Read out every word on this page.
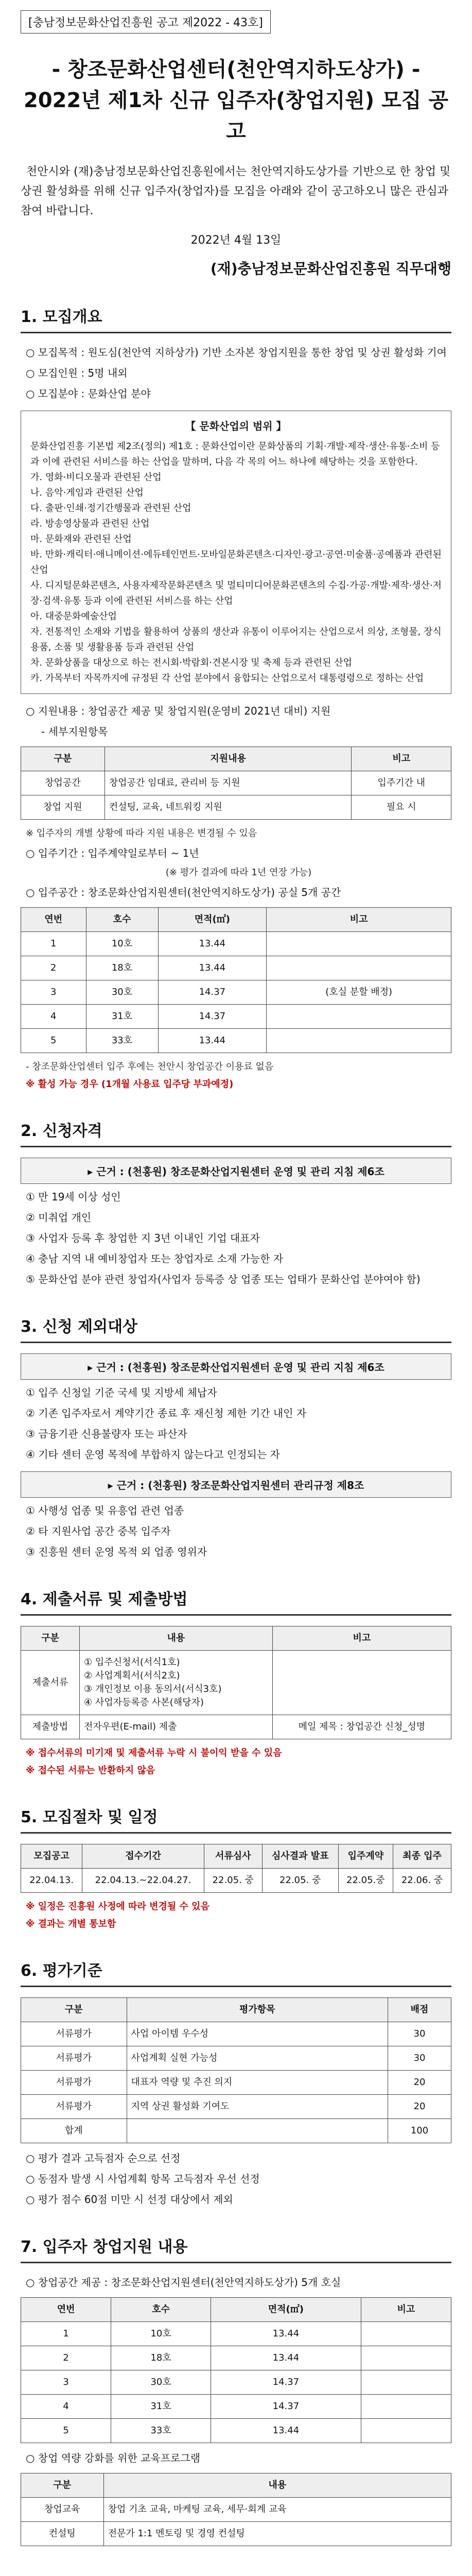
[충남정보문화산업진흥원 공고 제2022 - 43호]
- 창조문화산업센터(천안역지하도상가) -
2022년 제1차 신규 입주자(창업지원) 모집 공고
천안시와 (재)충남정보문화산업진흥원에서는 천안역지하도상가를 기반으로 한 창업 및 상권 활성화를 위해 신규 입주자(창업자)를 모집을 아래와 같이 공고하오니 많은 관심과 참여 바랍니다.
2022년 4월 13일
(재)충남정보문화산업진흥원 직무대행
1. 모집개요
○ 모집목적 : 원도심(천안역 지하상가) 기반 소자본 창업지원을 통한 창업 및 상권 활성화 기여
○ 모집인원 : 5명 내외
○ 모집분야 : 문화산업 분야
【 문화산업의 범위 】
문화산업진흥 기본법 제2조(정의) 제1호 : 문화산업이란 문화상품의 기획·개발·제작·생산·유통·소비 등과 이에 관련된 서비스를 하는 산업을 말하며, 다음 각 목의 어느 하나에 해당하는 것을 포함한다.
가. 영화·비디오물과 관련된 산업
나. 음악·게임과 관련된 산업
다. 출판·인쇄·정기간행물과 관련된 산업
라. 방송영상물과 관련된 산업
마. 문화재와 관련된 산업
바. 만화·캐릭터·애니메이션·에듀테인먼트·모바일문화콘텐츠·디자인·광고·공연·미술품·공예품과 관련된 산업
사. 디지털문화콘텐츠, 사용자제작문화콘텐츠 및 멀티미디어문화콘텐츠의 수집·가공·개발·제작·생산·저장·검색·유통 등과 이에 관련된 서비스를 하는 산업
아. 대중문화예술산업
자. 전통적인 소재와 기법을 활용하여 상품의 생산과 유통이 이루어지는 산업으로서 의상, 조형물, 장식용품, 소품 및 생활용품 등과 관련된 산업
차. 문화상품을 대상으로 하는 전시회·박람회·견본시장 및 축제 등과 관련된 산업
카. 가목부터 자목까지에 규정된 각 산업 분야에서 융합되는 산업으로서 대통령령으로 정하는 산업
○ 지원내용 : 창업공간 제공 및 창업지원(운영비 2021년 대비) 지원
- 세부지원항목
구분	지원내용	비고
창업공간	창업공간 임대료, 관리비 등 지원	입주기간 내
창업 지원	컨설팅, 교육, 네트워킹 지원	필요 시
※ 입주자의 개별 상황에 따라 지원 내용은 변경될 수 있음
○ 입주기간 : 입주계약일로부터 ~ 1년
(※ 평가 결과에 따라 1년 연장 가능)
○ 입주공간 : 창조문화산업지원센터(천안역지하도상가) 공실 5개 공간
연번	호수	면적(㎡)	비고
1	10호	13.44	
2	18호	13.44	
3	30호	14.37	(호실 분할 배정)
4	31호	14.37	
5	33호	13.44	
- 창조문화산업센터 입주 후에는 천안시 창업공간 이용료 없음
※ 활성 가능 경우 (1개월 사용료 입주당 부과예정)
2. 신청자격
▸ 근거 : (천홍원) 창조문화산업지원센터 운영 및 관리 지침 제6조
① 만 19세 이상 성인
② 미취업 개인
③ 사업자 등록 후 창업한 지 3년 이내인 기업 대표자
④ 충남 지역 내 예비창업자 또는 창업자로 소재 가능한 자
⑤ 문화산업 분야 관련 창업자(사업자 등록증 상 업종 또는 업태가 문화산업 분야여야 함)
3. 신청 제외대상
▸ 근거 : (천홍원) 창조문화산업지원센터 운영 및 관리 지침 제6조
① 입주 신청일 기준 국세 및 지방세 체납자
② 기존 입주자로서 계약기간 종료 후 재신청 제한 기간 내인 자
③ 금융기관 신용불량자 또는 파산자
④ 기타 센터 운영 목적에 부합하지 않는다고 인정되는 자
▸ 근거 : (천홍원) 창조문화산업지원센터 관리규정 제8조
① 사행성 업종 및 유흥업 관련 업종
② 타 지원사업 공간 중복 입주자
③ 진흥원 센터 운영 목적 외 업종 영위자
4. 제출서류 및 제출방법
구분	내용	비고
제출서류	① 입주신청서(서식1호)
② 사업계획서(서식2호)
③ 개인정보 이용 동의서(서식3호)
④ 사업자등록증 사본(해당자)	
제출방법	전자우편(E-mail) 제출	메일 제목 : 창업공간 신청_성명
※ 접수서류의 미기재 및 제출서류 누락 시 불이익 받을 수 있음
※ 접수된 서류는 반환하지 않음
5. 모집절차 및 일정
모집공고	접수기간	서류심사	심사결과 발표	입주계약	최종 입주
22.04.13.	22.04.13.~22.04.27.	22.05. 중	22.05. 중	22.05.중	22.06. 중
※ 일정은 진흥원 사정에 따라 변경될 수 있음
※ 결과는 개별 통보함
6. 평가기준
구분	평가항목	배점
서류평가	사업 아이템 우수성	30
서류평가	사업계획 실현 가능성	30
서류평가	대표자 역량 및 추진 의지	20
서류평가	지역 상권 활성화 기여도	20
합계		100
○ 평가 결과 고득점자 순으로 선정
○ 동점자 발생 시 사업계획 항목 고득점자 우선 선정
○ 평가 점수 60점 미만 시 선정 대상에서 제외
7. 입주자 창업지원 내용
○ 창업공간 제공 : 창조문화산업지원센터(천안역지하도상가) 5개 호실
연번	호수	면적(㎡)	비고
1	10호	13.44	
2	18호	13.44	
3	30호	14.37	
4	31호	14.37	
5	33호	13.44	
○ 창업 역량 강화를 위한 교육프로그램
구분	내용
창업교육	창업 기초 교육, 마케팅 교육, 세무·회계 교육
컨설팅	전문가 1:1 멘토링 및 경영 컨설팅
